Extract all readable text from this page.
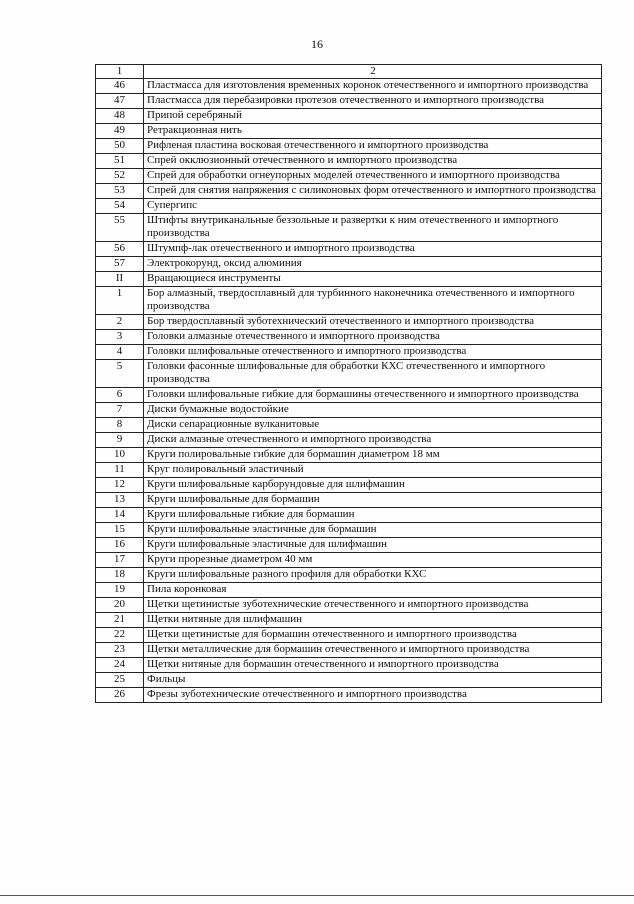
16
1	2
46	Пластмасса для изготовления временных коронок отечественного и импортного производства
47	Пластмасса для перебазировки протезов отечественного и импортного производства
48	Припой серебряный
49	Ретракционная нить
50	Рифленая пластина восковая отечественного и импортного производства
51	Спрей окклюзионный отечественного и импортного производства
52	Спрей для обработки огнеупорных моделей отечественного и импортного производства
53	Спрей для снятия напряжения с силиконовых форм отечественного и импортного производства
54	Супергипс
55	Штифты внутриканальные беззольные и развертки к ним отечественного и импортного производства
56	Штумпф-лак отечественного и импортного производства
57	Электрокорунд, оксид алюминия
II	Вращающиеся инструменты
1	Бор алмазный, твердосплавный для турбинного наконечника отечественного и импортного производства
2	Бор твердосплавный зуботехнический отечественного и импортного производства
3	Головки алмазные отечественного и импортного производства
4	Головки шлифовальные отечественного и импортного производства
5	Головки фасонные шлифовальные для обработки КХС отечественного и импортного производства
6	Головки шлифовальные гибкие для бормашины отечественного и импортного производства
7	Диски бумажные водостойкие
8	Диски сепарационные вулканитовые
9	Диски алмазные отечественного и импортного производства
10	Круги полировальные гибкие для бормашин диаметром 18 мм
11	Круг полировальный эластичный
12	Круги шлифовальные карборундовые для шлифмашин
13	Круги шлифовальные для бормашин
14	Круги шлифовальные гибкие для бормашин
15	Круги шлифовальные эластичные для бормашин
16	Круги шлифовальные эластичные для шлифмашин
17	Круги прорезные диаметром 40 мм
18	Круги шлифовальные разного профиля для обработки КХС
19	Пила коронковая
20	Щетки щетинистые зуботехнические отечественного и импортного производства
21	Щетки нитяные для шлифмашин
22	Щетки щетинистые для бормашин отечественного и импортного производства
23	Щетки металлические для бормашин отечественного и импортного производства
24	Щетки нитяные для бормашин отечественного и импортного производства
25	Фильцы
26	Фрезы зуботехнические отечественного и импортного производства
